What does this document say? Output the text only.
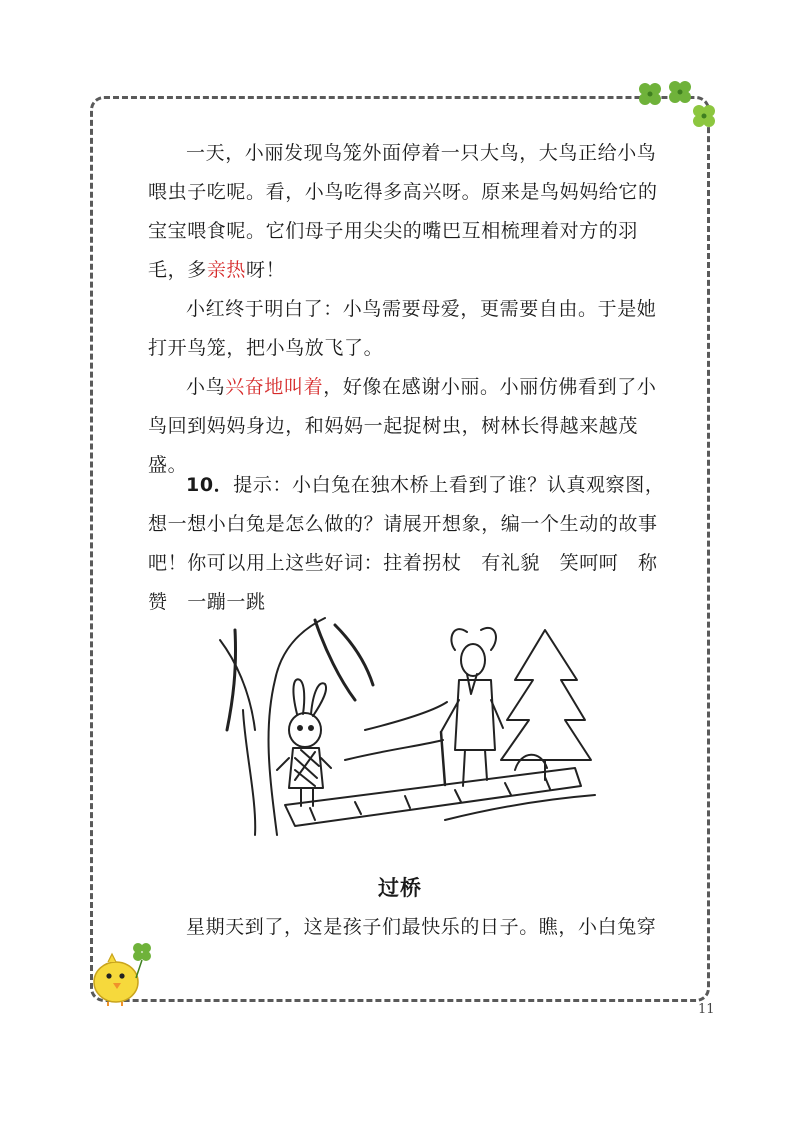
一天，小丽发现鸟笼外面停着一只大鸟，大鸟正给小鸟喂虫子吃呢。看，小鸟吃得多高兴呀。原来是鸟妈妈给它的宝宝喂食呢。它们母子用尖尖的嘴巴互相梳理着对方的羽毛，多亲热呀！

小红终于明白了：小鸟需要母爱，更需要自由。于是她打开鸟笼，把小鸟放飞了。

小鸟兴奋地叫着，好像在感谢小丽。小丽仿佛看到了小鸟回到妈妈身边，和妈妈一起捉树虫，树林长得越来越茂盛。

10．提示：小白兔在独木桥上看到了谁？认真观察图，想一想小白兔是怎么做的？请展开想象，编一个生动的故事吧！你可以用上这些好词：拄着拐杖　有礼貌　笑呵呵　称赞　一蹦一跳

过桥

星期天到了，这是孩子们最快乐的日子。瞧，小白兔穿

11
